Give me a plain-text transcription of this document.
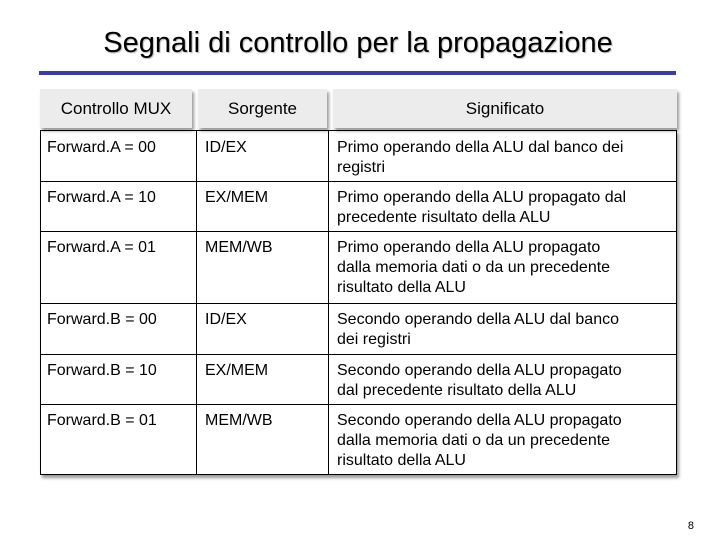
Segnali di controllo per la propagazione
Controllo MUX	Sorgente	Significato
Forward.A = 00	ID/EX	Primo operando della ALU dal banco dei
registri
Forward.A = 10	EX/MEM	Primo operando della ALU propagato dal
precedente risultato della ALU
Forward.A = 01	MEM/WB	Primo operando della ALU propagato
dalla memoria dati o da un precedente
risultato della ALU
Forward.B = 00	ID/EX	Secondo operando della ALU dal banco
dei registri
Forward.B = 10	EX/MEM	Secondo operando della ALU propagato
dal precedente risultato della ALU
Forward.B = 01	MEM/WB	Secondo operando della ALU propagato
dalla memoria dati o da un precedente
risultato della ALU
8
